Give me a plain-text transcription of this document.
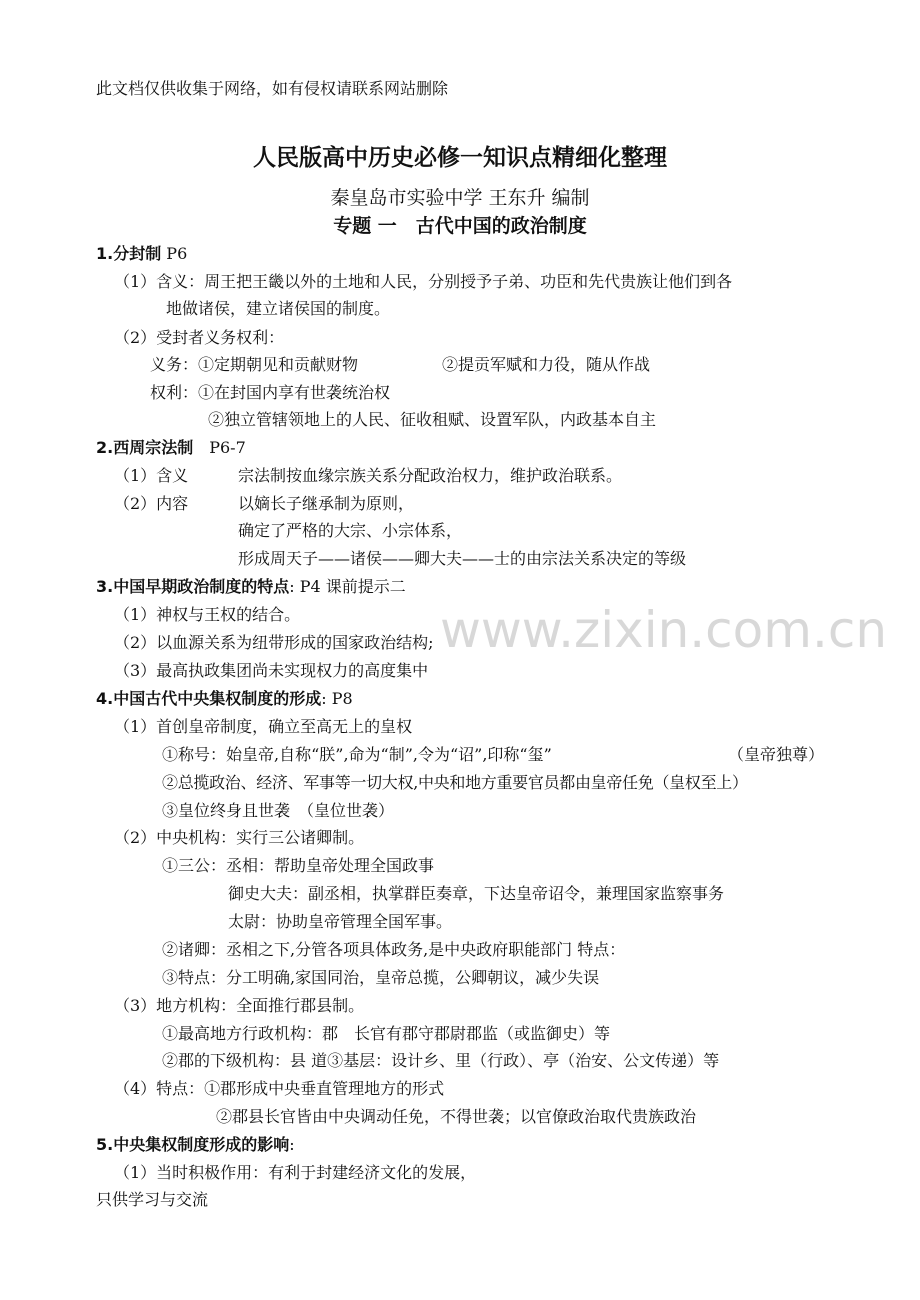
www.zixin.com.cn
此文档仅供收集于网络，如有侵权请联系网站删除
人民版高中历史必修一知识点精细化整理
秦皇岛市实验中学 王东升 编制
专题 一　古代中国的政治制度
1.分封制 P6
（1）含义：周王把王畿以外的土地和人民，分别授予子弟、功臣和先代贵族让他们到各
地做诸侯，建立诸侯国的制度。
（2）受封者义务权利：
义务：①定期朝见和贡献财物	②提贡军赋和力役，随从作战
权利：①在封国内享有世袭统治权
②独立管辖领地上的人民、征收租赋、设置军队，内政基本自主
2.西周宗法制　P6-7
（1）含义	宗法制按血缘宗族关系分配政治权力，维护政治联系。
（2）内容	以嫡长子继承制为原则，
确定了严格的大宗、小宗体系，
形成周天子——诸侯——卿大夫——士的由宗法关系决定的等级
3.中国早期政治制度的特点: P4 课前提示二
（1）神权与王权的结合。
（2）以血源关系为纽带形成的国家政治结构;
（3）最高执政集团尚未实现权力的高度集中
4.中国古代中央集权制度的形成: P8
（1）首创皇帝制度，确立至高无上的皇权
①称号：始皇帝,自称“朕”,命为“制”,令为“诏”,印称“玺”	（皇帝独尊）
②总揽政治、经济、军事等一切大权,中央和地方重要官员都由皇帝任免（皇权至上）
③皇位终身且世袭　（皇位世袭）
（2）中央机构：实行三公诸卿制。
①三公：丞相：帮助皇帝处理全国政事
御史大夫：副丞相，执掌群臣奏章，下达皇帝诏令，兼理国家监察事务
太尉：协助皇帝管理全国军事。
②诸卿：丞相之下,分管各项具体政务,是中央政府职能部门 特点：
③特点：分工明确,家国同治，皇帝总揽，公卿朝议，减少失误
（3）地方机构：全面推行郡县制。
①最高地方行政机构：郡　长官有郡守郡尉郡监（或监御史）等
②郡的下级机构：县 道③基层：设计乡、里（行政）、亭（治安、公文传递）等
（4）特点：①郡形成中央垂直管理地方的形式
②郡县长官皆由中央调动任免，不得世袭；以官僚政治取代贵族政治
5.中央集权制度形成的影响:
（1）当时积极作用：有利于封建经济文化的发展，
只供学习与交流
